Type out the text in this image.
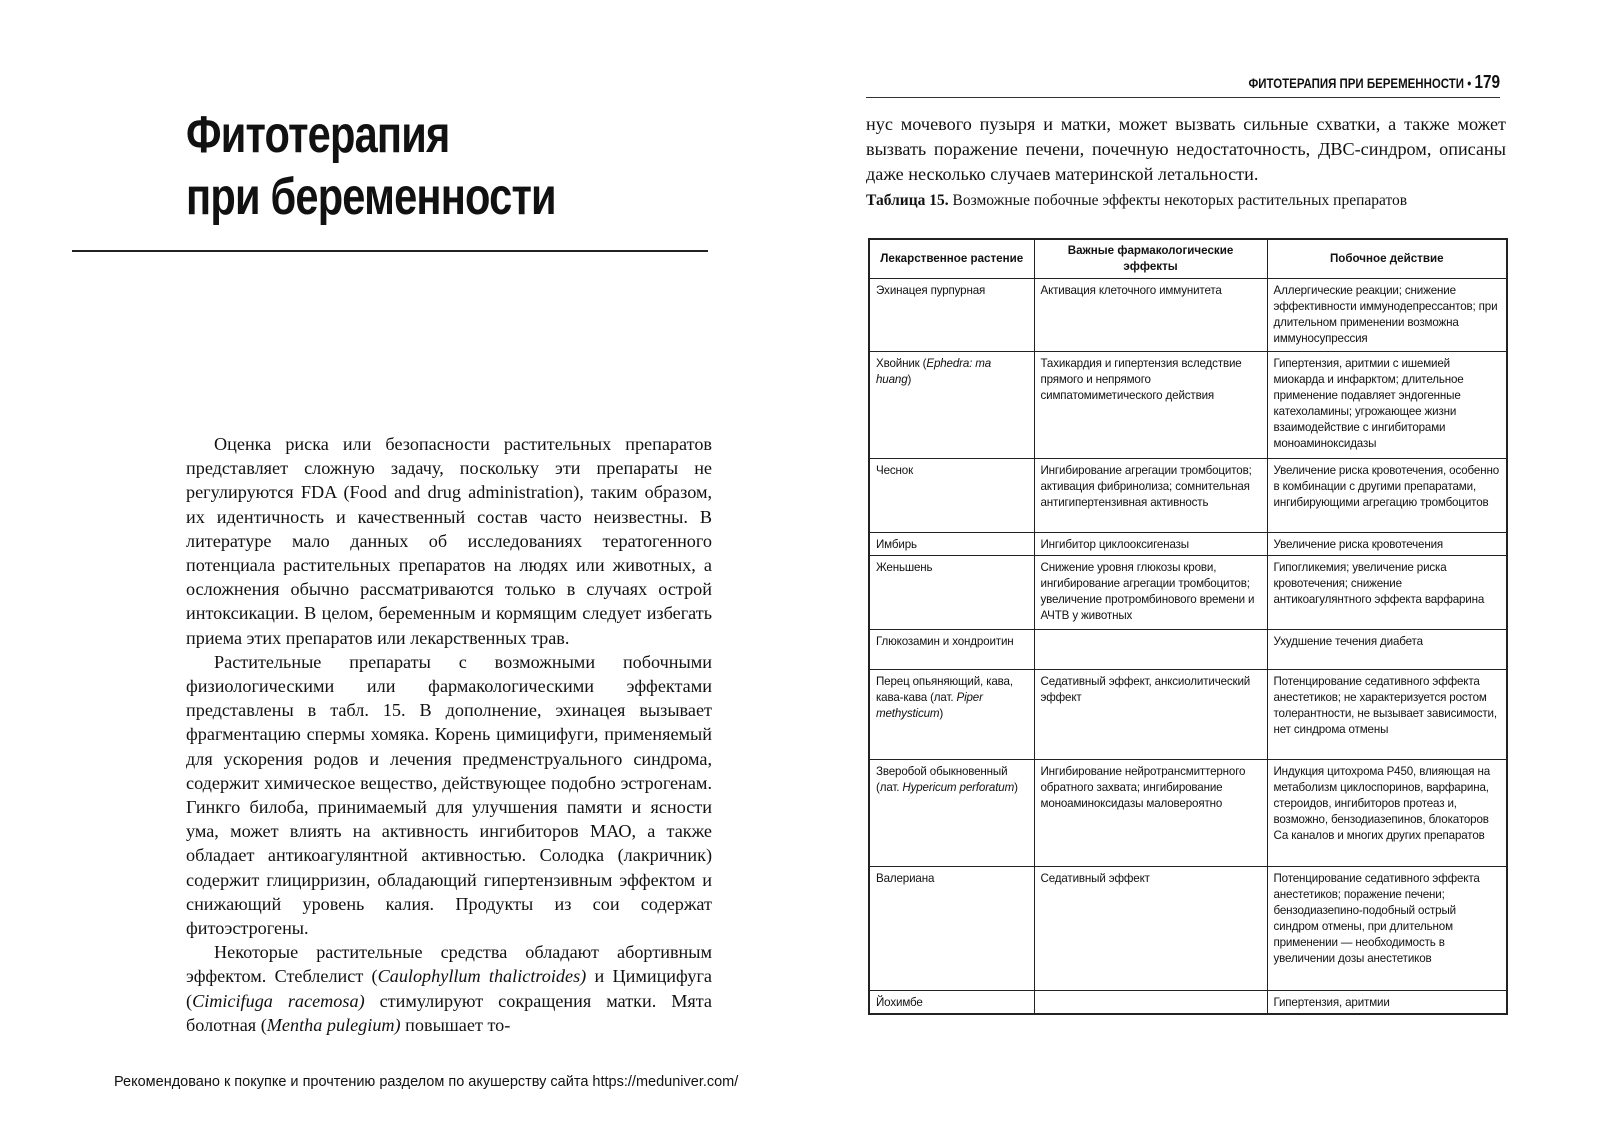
Фитотерапия
при беременности

Оценка риска или безопасности растительных препаратов представляет сложную задачу, поскольку эти препараты не регулируются FDA (Food and drug administration), таким образом, их идентичность и качественный состав часто неизвестны. В литературе мало данных об исследованиях тератогенного потенциала растительных препаратов на людях или животных, а осложнения обычно рассматриваются только в случаях острой интоксикации. В целом, беременным и кормящим следует избегать приема этих препаратов или лекарственных трав.

Растительные препараты с возможными побочными физиологическими или фармакологическими эффектами представлены в табл. 15. В дополнение, эхинацея вызывает фрагментацию спермы хомяка. Корень цимицифуги, применяемый для ускорения родов и лечения предменструального синдрома, содержит химическое вещество, действующее подобно эстрогенам. Гинкго билоба, принимаемый для улучшения памяти и ясности ума, может влиять на активность ингибиторов МАО, а также обладает антикоагулянтной активностью. Солодка (лакричник) содержит глицирризин, обладающий гипертензивным эффектом и снижающий уровень калия. Продукты из сои содержат фитоэстрогены.

Некоторые растительные средства обладают абортивным эффектом. Стеблелист (Caulophyllum thalictroides) и Цимицифуга (Cimicifuga racemosa) стимулируют сокращения матки. Мята болотная (Mentha pulegium) повышает то-

Рекомендовано к покупке и прочтению разделом по акушерству сайта https://meduniver.com/
ФИТОТЕРАПИЯ ПРИ БЕРЕМЕННОСТИ • 179

нус мочевого пузыря и матки, может вызвать сильные схватки, а также может вызвать поражение печени, почечную недостаточность, ДВС-синдром, описаны даже несколько случаев материнской летальности.

Таблица 15. Возможные побочные эффекты некоторых растительных препаратов
Лекарственное растение	Важные фармакологические эффекты	Побочное действие
Эхинацея пурпурная	Активация клеточного иммунитета	Аллергические реакции; снижение эффективности иммунодепрессантов; при длительном применении возможна иммуносупрессия
Хвойник (Ephedra: ma huang)	Тахикардия и гипертензия вследствие прямого и непрямого симпатомиметического действия	Гипертензия, аритмии с ишемией миокарда и инфарктом; длительное применение подавляет эндогенные катехоламины; угрожающее жизни взаимодействие с ингибиторами моноаминоксидазы
Чеснок	Ингибирование агрегации тромбоцитов; активация фибринолиза; сомнительная антигипертензивная активность	Увеличение риска кровотечения, особенно в комбинации с другими препаратами, ингибирующими агрегацию тромбоцитов
Имбирь	Ингибитор циклооксигеназы	Увеличение риска кровотечения
Женьшень	Снижение уровня глюкозы крови, ингибирование агрегации тромбоцитов; увеличение протромбинового времени и АЧТВ у животных	Гипогликемия; увеличение риска кровотечения; снижение антикоагулянтного эффекта варфарина
Глюкозамин и хондроитин		Ухудшение течения диабета
Перец опьяняющий, кава, кава-кава (лат. Piper methysticum)	Седативный эффект, анксиолитический эффект	Потенцирование седативного эффекта анестетиков; не характеризуется ростом толерантности, не вызывает зависимости, нет синдрома отмены
Зверобой обыкновенный (лат. Hypericum perforatum)	Ингибирование нейротрансмиттерного обратного захвата; ингибирование моноаминоксидазы маловероятно	Индукция цитохрома Р450, влияющая на метаболизм циклоспоринов, варфарина, стероидов, ингибиторов протеаз и, возможно, бензодиазепинов, блокаторов Са каналов и многих других препаратов
Валериана	Седативный эффект	Потенцирование седативного эффекта анестетиков; поражение печени; бензодиазепино-подобный острый синдром отмены, при длительном применении — необходимость в увеличении дозы анестетиков
Йохимбе		Гипертензия, аритмии
